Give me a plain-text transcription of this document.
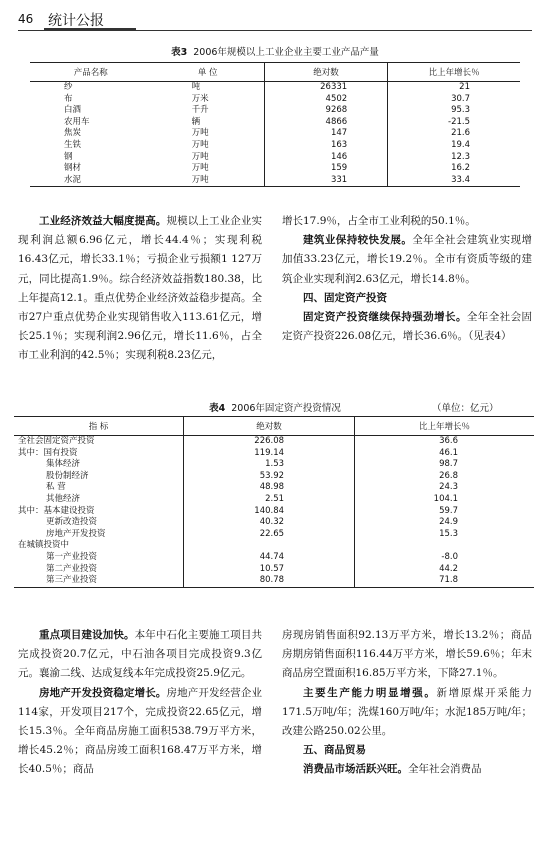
46 统计公报
表3 2006年规模以上工业企业主要工业产品产量
产品名称	单 位	绝对数	比上年增长％
纱	吨	26331	21
布	万米	4502	30.7
白酒	千升	9268	95.3
农用车	辆	4866	-21.5
焦炭	万吨	147	21.6
生铁	万吨	163	19.4
钢	万吨	146	12.3
钢材	万吨	159	16.2
水泥	万吨	331	33.4

工业经济效益大幅度提高。规模以上工业企业实现利润总额6.96亿元，增长44.4％；实现利税16.43亿元，增长33.1％；亏损企业亏损额1 127万元，同比提高1.9％。综合经济效益指数180.38，比上年提高12.1。重点优势企业经济效益稳步提高。全市27户重点优势企业实现销售收入113.61亿元，增长25.1％；实现利润2.96亿元，增长11.6％，占全市工业利润的42.5％；实现利税8.23亿元，

增长17.9％，占全市工业利税的50.1％。

建筑业保持较快发展。全年全社会建筑业实现增加值33.23亿元，增长19.2％。全市有资质等级的建筑企业实现利润2.63亿元，增长14.8％。

四、固定资产投资

固定资产投资继续保持强劲增长。全年全社会固定资产投资226.08亿元，增长36.6％。（见表4）

表4 2006年固定资产投资情况	（单位：亿元）
指 标	绝对数	比上年增长％
全社会固定资产投资	226.08	36.6
其中：国有投资	119.14	46.1
集体经济	1.53	98.7
股份制经济	53.92	26.8
私 营	48.98	24.3
其他经济	2.51	104.1
其中：基本建设投资	140.84	59.7
更新改造投资	40.32	24.9
房地产开发投资	22.65	15.3
在城镇投资中		
第一产业投资	44.74	-8.0
第二产业投资	10.57	44.2
第三产业投资	80.78	71.8

重点项目建设加快。本年中石化主要施工项目共完成投资20.7亿元，中石油各项目完成投资9.3亿元。襄渝二线、达成复线本年完成投资25.9亿元。

房地产开发投资稳定增长。房地产开发经营企业114家，开发项目217个，完成投资22.65亿元，增长15.3％。全年商品房施工面积538.79万平方米，增长45.2％；商品房竣工面积168.47万平方米，增长40.5％；商品

房现房销售面积92.13万平方米，增长13.2％；商品房期房销售面积116.44万平方米，增长59.6％；年末商品房空置面积16.85万平方米，下降27.1％。

主要生产能力明显增强。新增原煤开采能力171.5万吨/年；洗煤160万吨/年；水泥185万吨/年；改建公路250.02公里。

五、商品贸易

消费品市场活跃兴旺。全年社会消费品
